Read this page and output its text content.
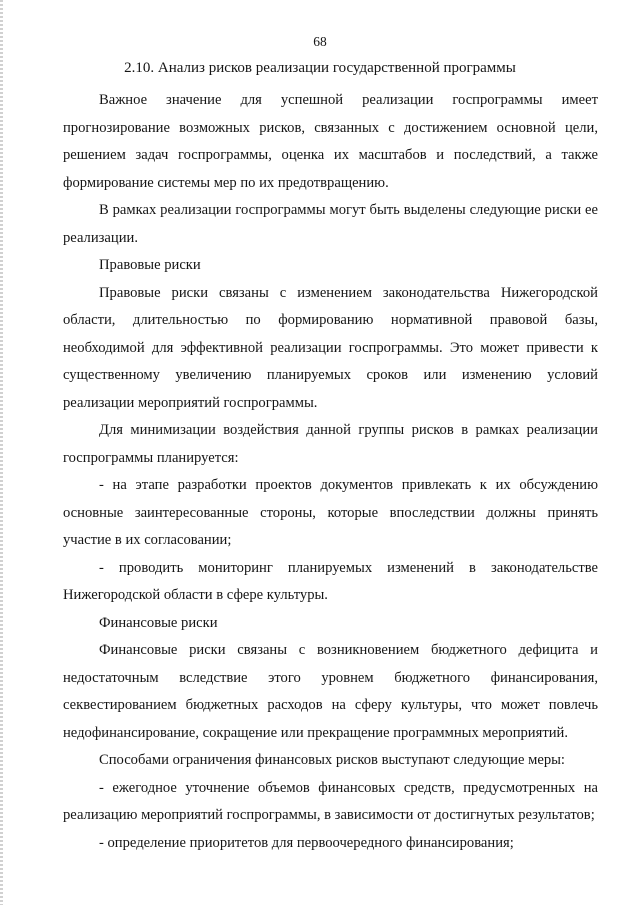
68
2.10. Анализ рисков реализации государственной программы

Важное значение для успешной реализации госпрограммы имеет прогнозирование возможных рисков, связанных с достижением основной цели, решением задач госпрограммы, оценка их масштабов и последствий, а также формирование системы мер по их предотвращению.

В рамках реализации госпрограммы могут быть выделены следующие риски ее реализации.

Правовые риски

Правовые риски связаны с изменением законодательства Нижегородской области, длительностью по формированию нормативной правовой базы, необходимой для эффективной реализации госпрограммы. Это может привести к существенному увеличению планируемых сроков или изменению условий реализации мероприятий госпрограммы.

Для минимизации воздействия данной группы рисков в рамках реализации госпрограммы планируется:

- на этапе разработки проектов документов привлекать к их обсуждению основные заинтересованные стороны, которые впоследствии должны принять участие в их согласовании;

- проводить мониторинг планируемых изменений в законодательстве Нижегородской области в сфере культуры.

Финансовые риски

Финансовые риски связаны с возникновением бюджетного дефицита и недостаточным вследствие этого уровнем бюджетного финансирования, секвестированием бюджетных расходов на сферу культуры, что может повлечь недофинансирование, сокращение или прекращение программных мероприятий.

Способами ограничения финансовых рисков выступают следующие меры:

- ежегодное уточнение объемов финансовых средств, предусмотренных на реализацию мероприятий госпрограммы, в зависимости от достигнутых результатов;

- определение приоритетов для первоочередного финансирования;
